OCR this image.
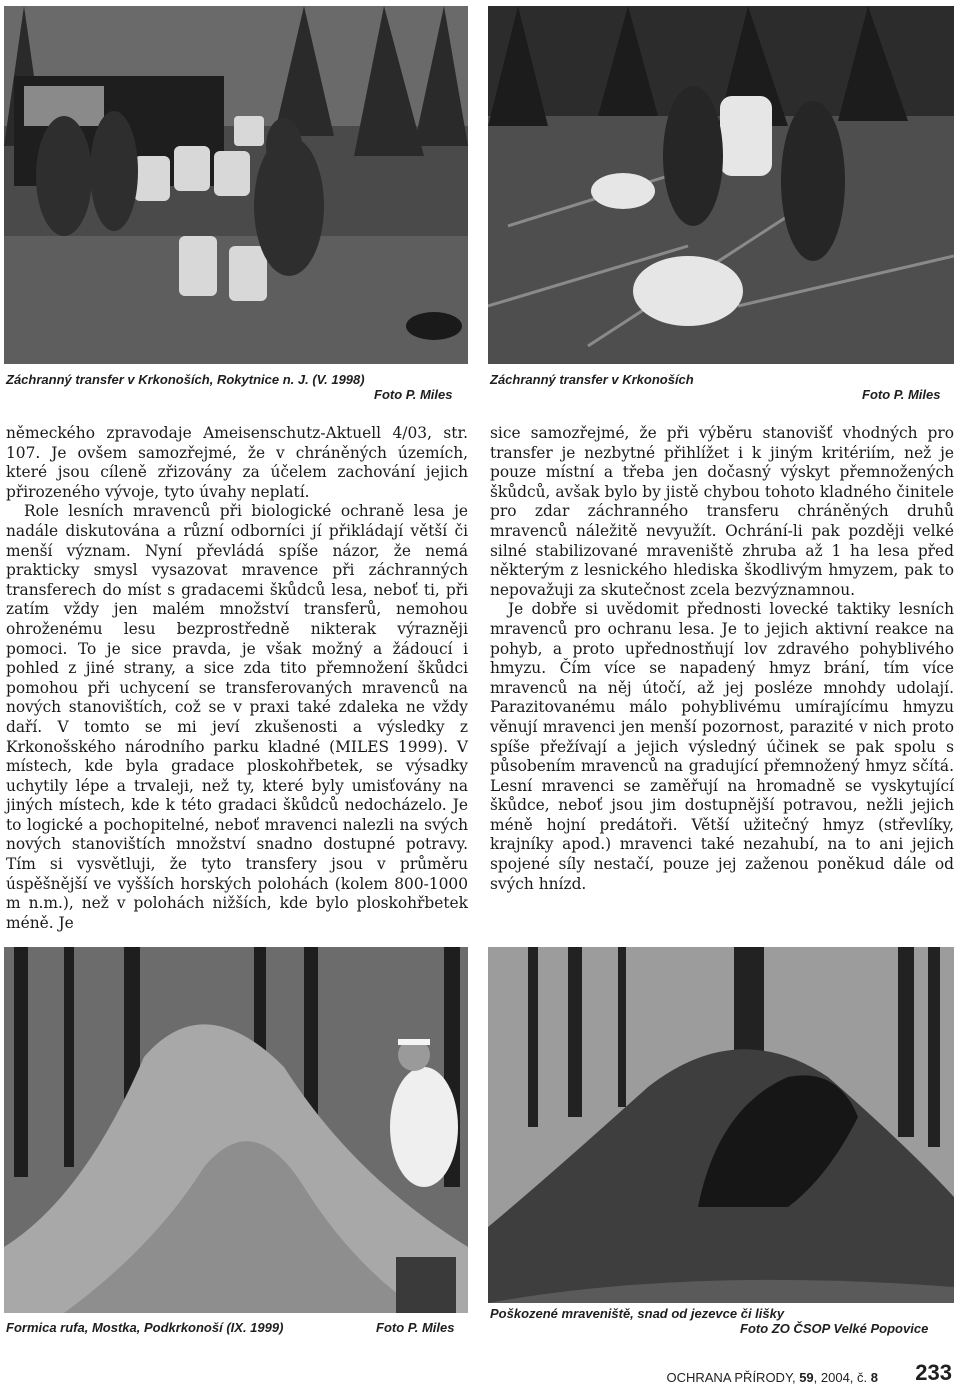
Záchranný transfer v Krkonoších, Rokytnice n. J. (V. 1998)
Foto P. Miles
Záchranný transfer v Krkonoších
Foto P. Miles

německého zpravodaje Ameisenschutz-Aktuell 4/03, str. 107. Je ovšem samozřejmé, že v chráněných územích, které jsou cíleně zřizovány za účelem zachování jejich přirozeného vývoje, tyto úvahy neplatí.

Role lesních mravenců při biologické ochraně lesa je nadále diskutována a různí odborníci jí přikládají větší či menší význam. Nyní převládá spíše názor, že nemá prakticky smysl vysazovat mravence při záchranných transferech do míst s gradacemi škůdců lesa, neboť ti, při zatím vždy jen malém množství transferů, nemohou ohroženému lesu bezprostředně nikterak výrazněji pomoci. To je sice pravda, je však možný a žádoucí i pohled z jiné strany, a sice zda tito přemnožení škůdci pomohou při uchycení se transferovaných mravenců na nových stanovištích, což se v praxi také zdaleka ne vždy daří. V tomto se mi jeví zkušenosti a výsledky z Krkonošského národního parku kladné (MILES 1999). V místech, kde byla gradace ploskohřbetek, se výsadky uchytily lépe a trvaleji, než ty, které byly umisťovány na jiných místech, kde k této gradaci škůdců nedocházelo. Je to logické a pochopitelné, neboť mravenci nalezli na svých nových stanovištích množství snadno dostupné potravy. Tím si vysvětluji, že tyto transfery jsou v průměru úspěšnější ve vyšších horských polohách (kolem 800-1000 m n.m.), než v polohách nižších, kde bylo ploskohřbetek méně. Je

sice samozřejmé, že při výběru stanovišť vhodných pro transfer je nezbytné přihlížet i k jiným kritériím, než je pouze místní a třeba jen dočasný výskyt přemnožených škůdců, avšak bylo by jistě chybou tohoto kladného činitele pro zdar záchranného transferu chráněných druhů mravenců náležitě nevyužít. Ochrání-li pak později velké silné stabilizované mraveniště zhruba až 1 ha lesa před některým z lesnického hlediska škodlivým hmyzem, pak to nepovažuji za skutečnost zcela bezvýznamnou.

Je dobře si uvědomit přednosti lovecké taktiky lesních mravenců pro ochranu lesa. Je to jejich aktivní reakce na pohyb, a proto upřednostňují lov zdravého pohyblivého hmyzu. Čím více se napadený hmyz brání, tím více mravenců na něj útočí, až jej posléze mnohdy udolají. Parazitovanému málo pohyblivému umírajícímu hmyzu věnují mravenci jen menší pozornost, parazité v nich proto spíše přežívají a jejich výsledný účinek se pak spolu s působením mravenců na gradující přemnožený hmyz sčítá. Lesní mravenci se zaměřují na hromadně se vyskytující škůdce, neboť jsou jim dostupnější potravou, nežli jejich méně hojní predátoři. Větší užitečný hmyz (střevlíky, krajníky apod.) mravenci také nezahubí, na to ani jejich spojené síly nestačí, pouze jej zaženou poněkud dále od svých hnízd.

Formica rufa, Mostka, Podkrkonoší (IX. 1999)	Foto P. Miles
Poškozené mraveniště, snad od jezevce či lišky
Foto ZO ČSOP Velké Popovice
OCHRANA PŘÍRODY, 59, 2004, č. 8 233
